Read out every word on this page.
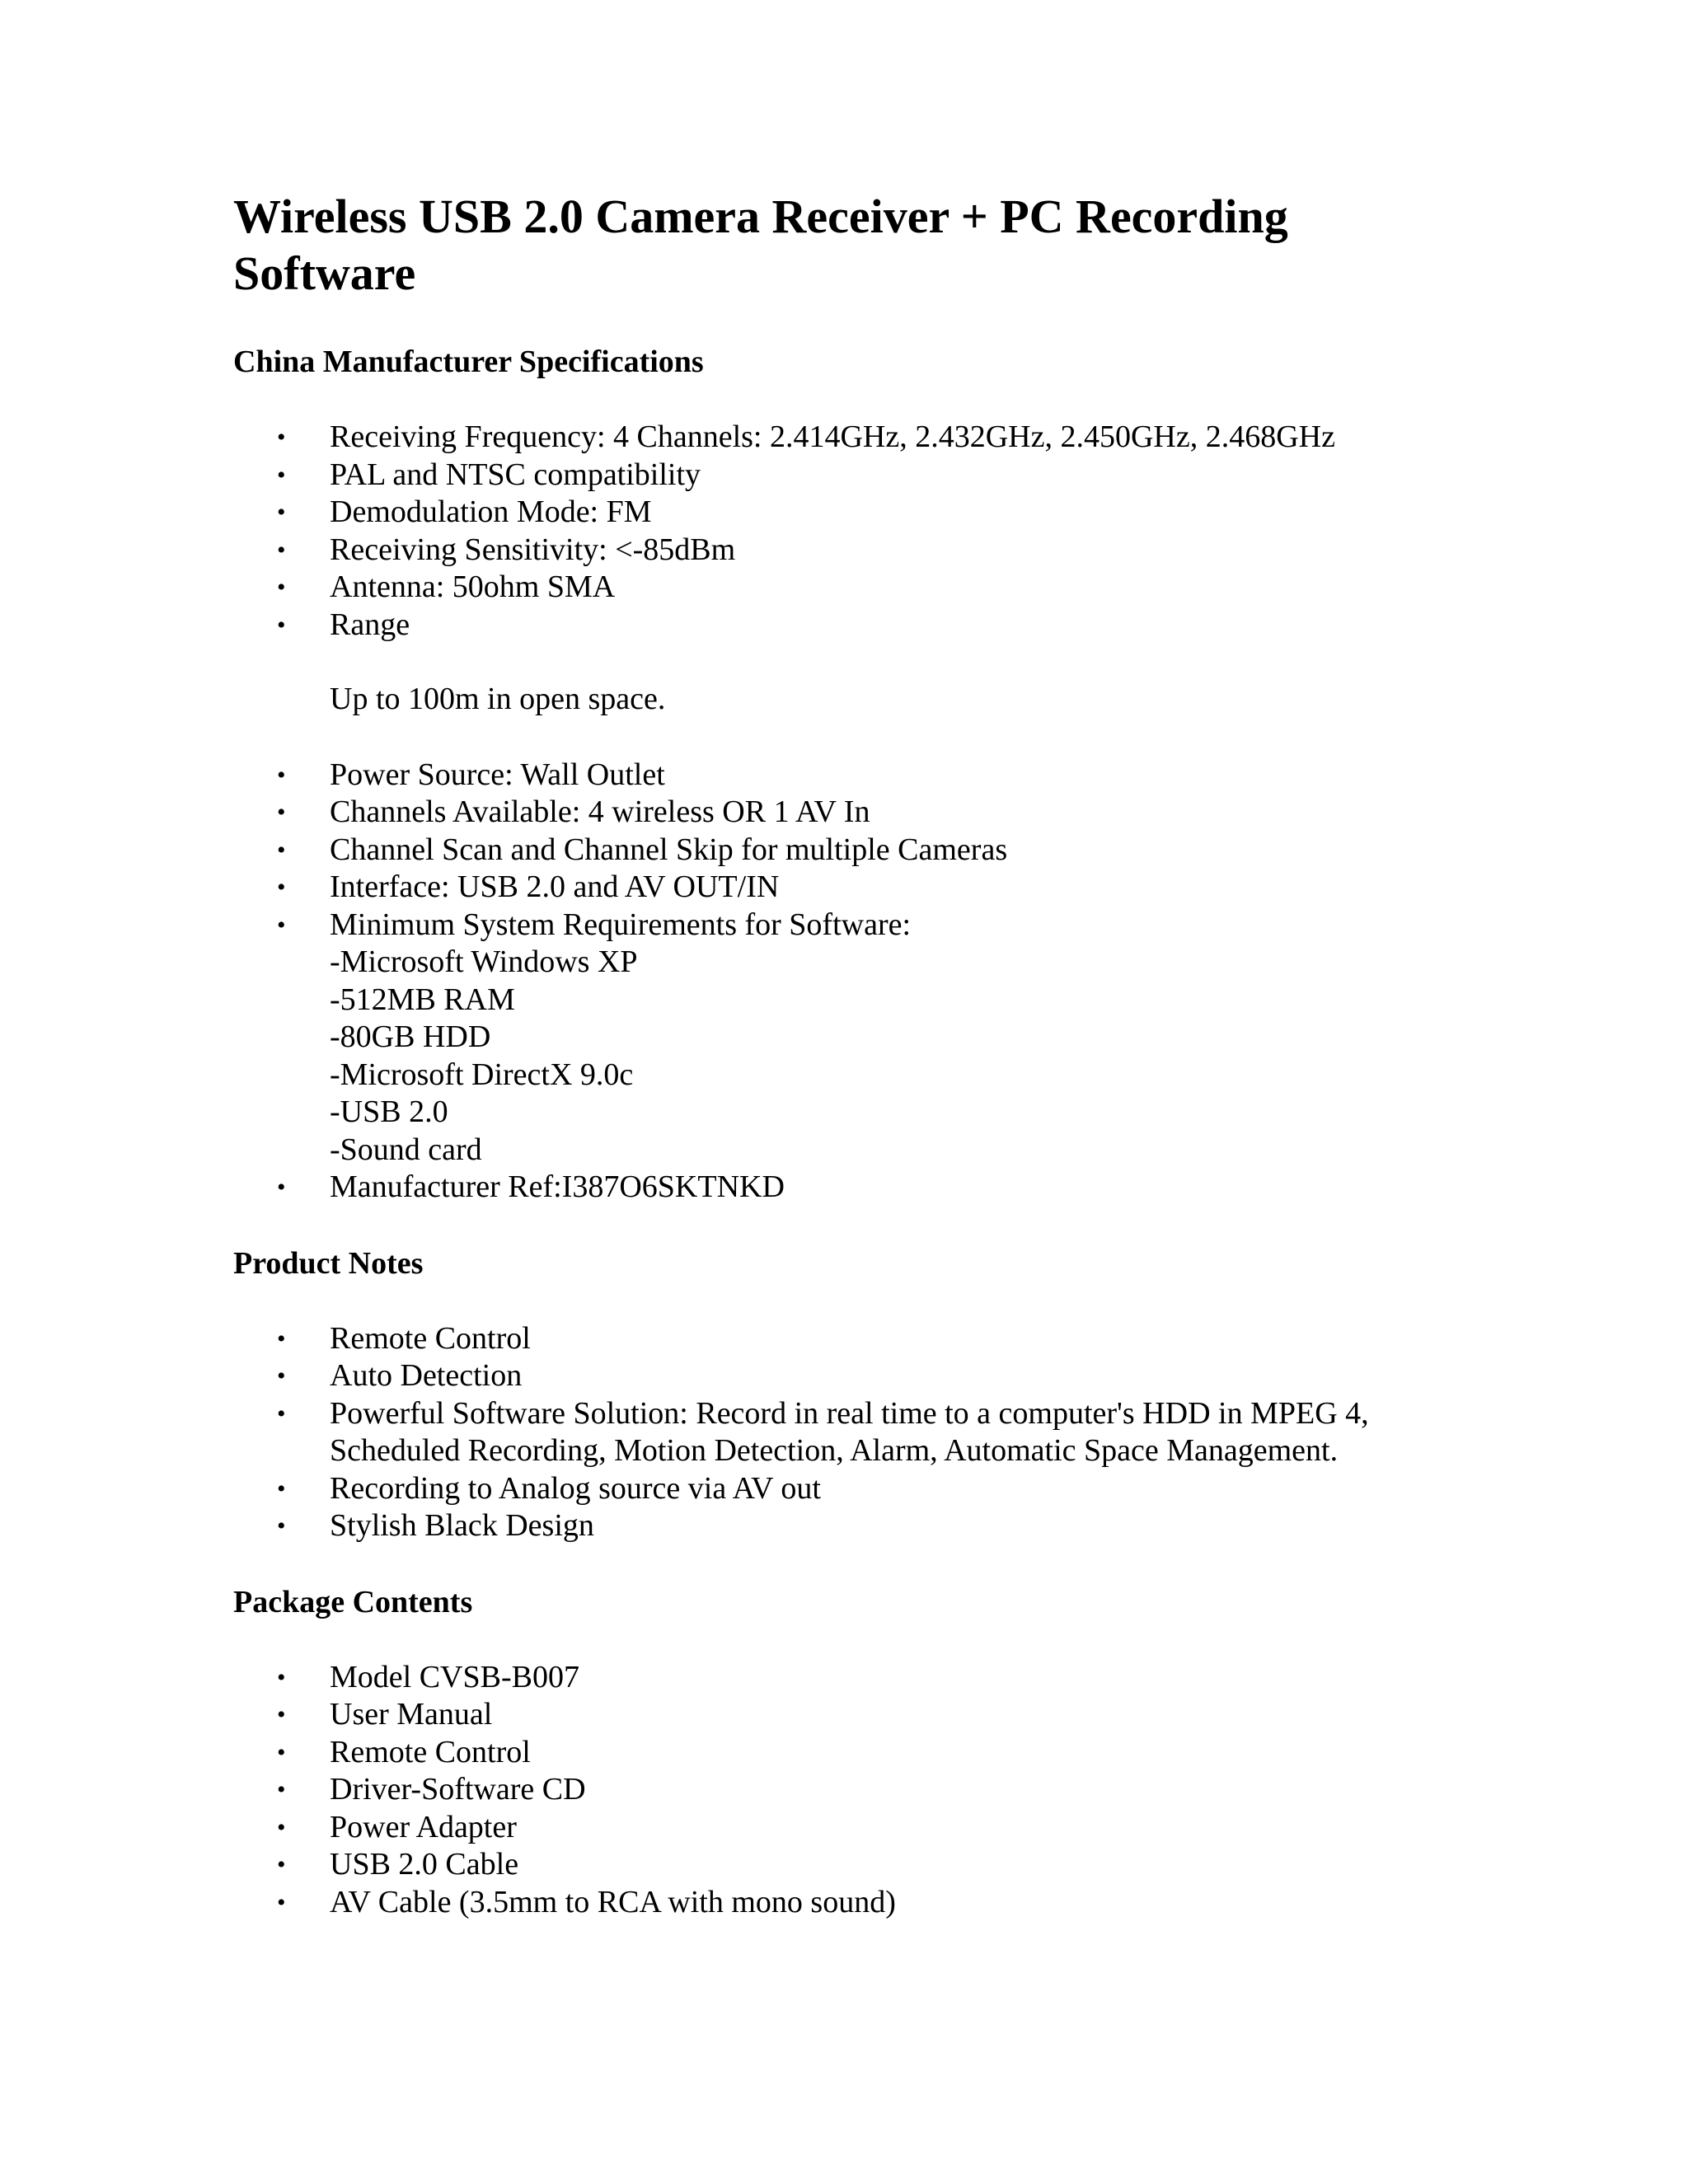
Wireless USB 2.0 Camera Receiver + PC Recording
Software
China Manufacturer Specifications
• Receiving Frequency: 4 Channels: 2.414GHz, 2.432GHz, 2.450GHz, 2.468GHz
• PAL and NTSC compatibility
• Demodulation Mode: FM
• Receiving Sensitivity: <-85dBm
• Antenna: 50ohm SMA
• Range
Up to 100m in open space.
• Power Source: Wall Outlet
• Channels Available: 4 wireless OR 1 AV In
• Channel Scan and Channel Skip for multiple Cameras
• Interface: USB 2.0 and AV OUT/IN
• Minimum System Requirements for Software:
-Microsoft Windows XP
-512MB RAM
-80GB HDD
-Microsoft DirectX 9.0c
-USB 2.0
-Sound card
• Manufacturer Ref:I387O6SKTNKD
Product Notes
• Remote Control
• Auto Detection
• Powerful Software Solution: Record in real time to a computer's HDD in MPEG 4,
Scheduled Recording, Motion Detection, Alarm, Automatic Space Management.
• Recording to Analog source via AV out
• Stylish Black Design
Package Contents
• Model CVSB-B007
• User Manual
• Remote Control
• Driver-Software CD
• Power Adapter
• USB 2.0 Cable
• AV Cable (3.5mm to RCA with mono sound)
